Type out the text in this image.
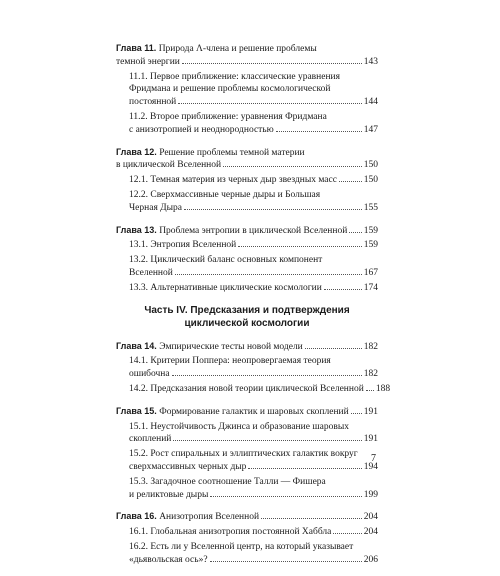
Глава 11. Природа Λ-члена и решение проблемы
темной энергии	143
11.1. Первое приближение: классические уравнения
Фридмана и решение проблемы космологической
постоянной	144
11.2. Второе приближение: уравнения Фридмана
с анизотропией и неоднородностью	147
Глава 12. Решение проблемы темной материи
в циклической Вселенной	150
12.1. Темная материя из черных дыр звездных масс	150
12.2. Сверхмассивные черные дыры и Большая
Черная Дыра	155
Глава 13. Проблема энтропии в циклической Вселенной 159
13.1. Энтропия Вселенной	159
13.2. Циклический баланс основных компонент
Вселенной	167
13.3. Альтернативные циклические космологии	174
Часть IV. Предсказания и подтверждения
циклической космологии
Глава 14. Эмпирические тесты новой модели	182
14.1. Критерии Поппера: неопровергаемая теория
ошибочна	182
14.2. Предсказания новой теории циклической Вселенной 188
Глава 15. Формирование галактик и шаровых скоплений 191
15.1. Неустойчивость Джинса и образование шаровых
скоплений	191
15.2. Рост спиральных и эллиптических галактик вокруг
сверхмассивных черных дыр	194
15.3. Загадочное соотношение Талли — Фишера
и реликтовые дыры	199
Глава 16. Анизотропия Вселенной	204
16.1. Глобальная анизотропия постоянной Хаббла	204
16.2. Есть ли у Вселенной центр, на который указывает
«дьявольская ось»?	206
7
